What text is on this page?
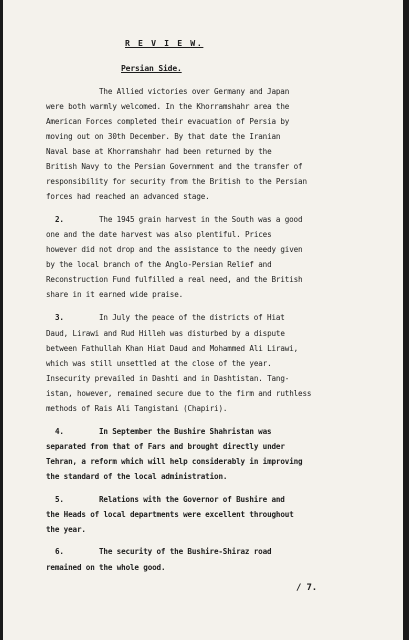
R E V I E W.
Persian Side.
The Allied victories over Germany and Japan
were both warmly welcomed. In the Khorramshahr area the
American Forces completed their evacuation of Persia by
moving out on 30th December. By that date the Iranian
Naval base at Khorramshahr had been returned by the
British Navy to the Persian Government and the transfer of
responsibility for security from the British to the Persian
forces had reached an advanced stage.
2.	The 1945 grain harvest in the South was a good
one and the date harvest was also plentiful. Prices
however did not drop and the assistance to the needy given
by the local branch of the Anglo-Persian Relief and
Reconstruction Fund fulfilled a real need, and the British
share in it earned wide praise.
3.	In July the peace of the districts of Hiat
Daud, Lirawi and Rud Hilleh was disturbed by a dispute
between Fathullah Khan Hiat Daud and Mohammed Ali Lirawi,
which was still unsettled at the close of the year.
Insecurity prevailed in Dashti and in Dashtistan. Tang-
istan, however, remained secure due to the firm and ruthless
methods of Rais Ali Tangistani (Chapiri).
4.	In September the Bushire Shahristan was
separated from that of Fars and brought directly under
Tehran, a reform which will help considerably in improving
the standard of the local administration.
5.	Relations with the Governor of Bushire and
the Heads of local departments were excellent throughout
the year.
6.	The security of the Bushire-Shiraz road
remained on the whole good.
/ 7.
